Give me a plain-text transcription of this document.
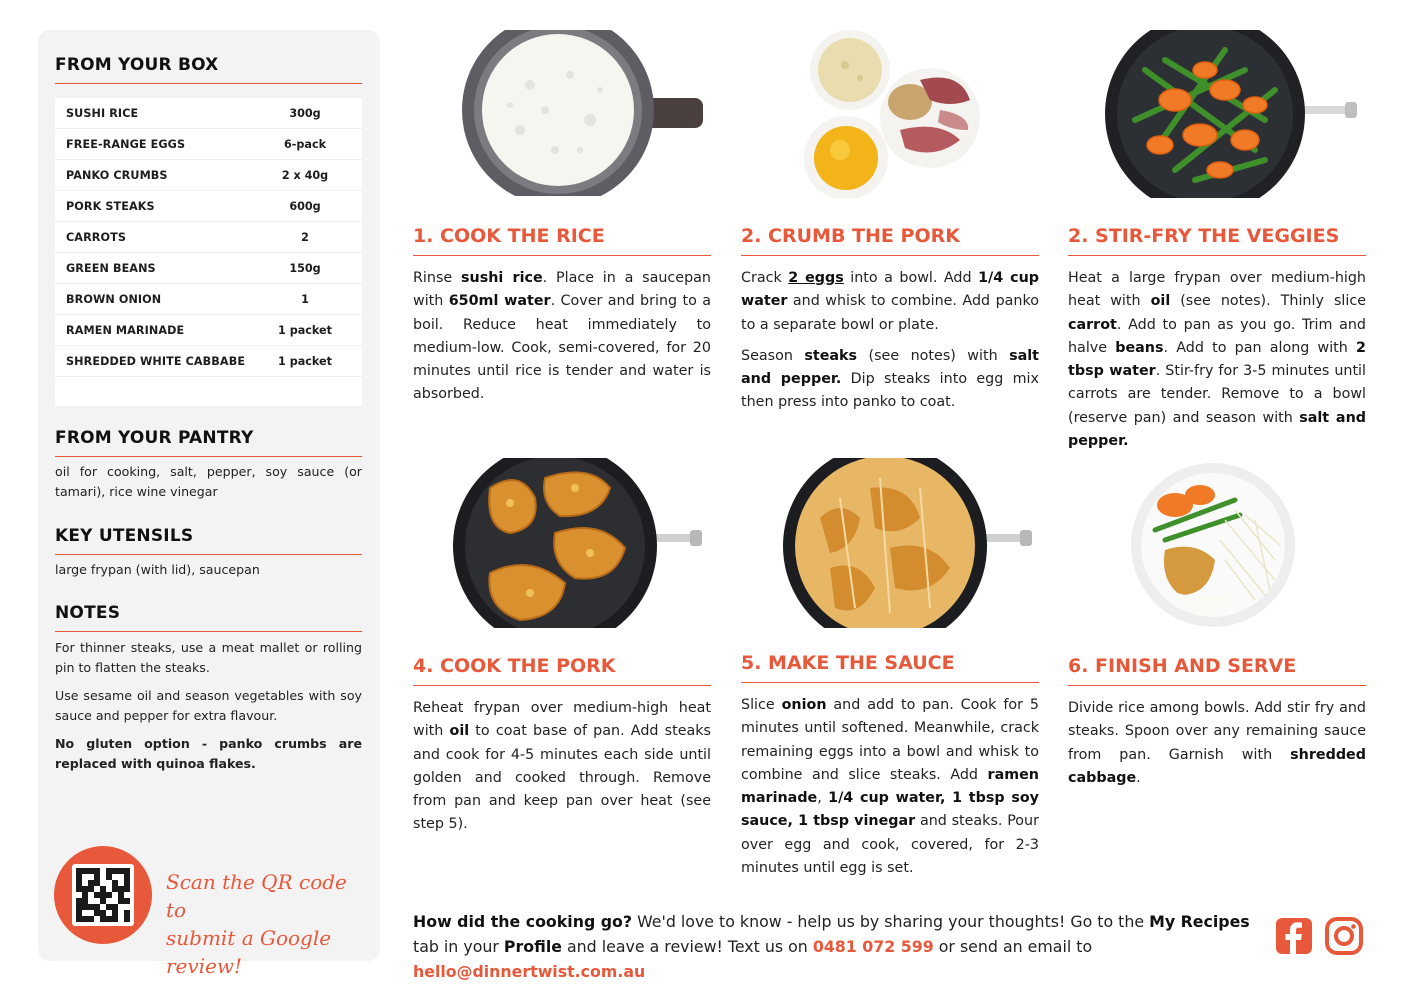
FROM YOUR BOX
SUSHI RICE	300g
FREE-RANGE EGGS	6-pack
PANKO CRUMBS	2 x 40g
PORK STEAKS	600g
CARROTS	2
GREEN BEANS	150g
BROWN ONION	1
RAMEN MARINADE	1 packet
SHREDDED WHITE CABBABE	1 packet
FROM YOUR PANTRY

oil for cooking, salt, pepper, soy sauce (or tamari), rice wine vinegar

KEY UTENSILS

large frypan (with lid), saucepan

NOTES

For thinner steaks, use a meat mallet or rolling pin to flatten the steaks.

Use sesame oil and season vegetables with soy sauce and pepper for extra flavour.

No gluten option - panko crumbs are replaced with quinoa flakes.

Scan the QR code to
submit a Google review!
1. COOK THE RICE

Rinse sushi rice. Place in a saucepan with 650ml water. Cover and bring to a boil. Reduce heat immediately to medium-low. Cook, semi-covered, for 20 minutes until rice is tender and water is absorbed.

2. CRUMB THE PORK

Crack 2 eggs into a bowl. Add 1/4 cup water and whisk to combine. Add panko to a separate bowl or plate.

Season steaks (see notes) with salt and pepper. Dip steaks into egg mix then press into panko to coat.

2. STIR-FRY THE VEGGIES

Heat a large frypan over medium-high heat with oil (see notes). Thinly slice carrot. Add to pan as you go. Trim and halve beans. Add to pan along with 2 tbsp water. Stir-fry for 3-5 minutes until carrots are tender. Remove to a bowl (reserve pan) and season with salt and pepper.

4. COOK THE PORK

Reheat frypan over medium-high heat with oil to coat base of pan. Add steaks and cook for 4-5 minutes each side until golden and cooked through. Remove from pan and keep pan over heat (see step 5).

5. MAKE THE SAUCE

Slice onion and add to pan. Cook for 5 minutes until softened. Meanwhile, crack remaining eggs into a bowl and whisk to combine and slice steaks. Add ramen marinade, 1/4 cup water, 1 tbsp soy sauce, 1 tbsp vinegar and steaks. Pour over egg and cook, covered, for 2-3 minutes until egg is set.

6. FINISH AND SERVE

Divide rice among bowls. Add stir fry and steaks. Spoon over any remaining sauce from pan. Garnish with shredded cabbage.

How did the cooking go? We'd love to know - help us by sharing your thoughts! Go to the My Recipes tab in your Profile and leave a review! Text us on 0481 072 599 or send an email to hello@dinnertwist.com.au
